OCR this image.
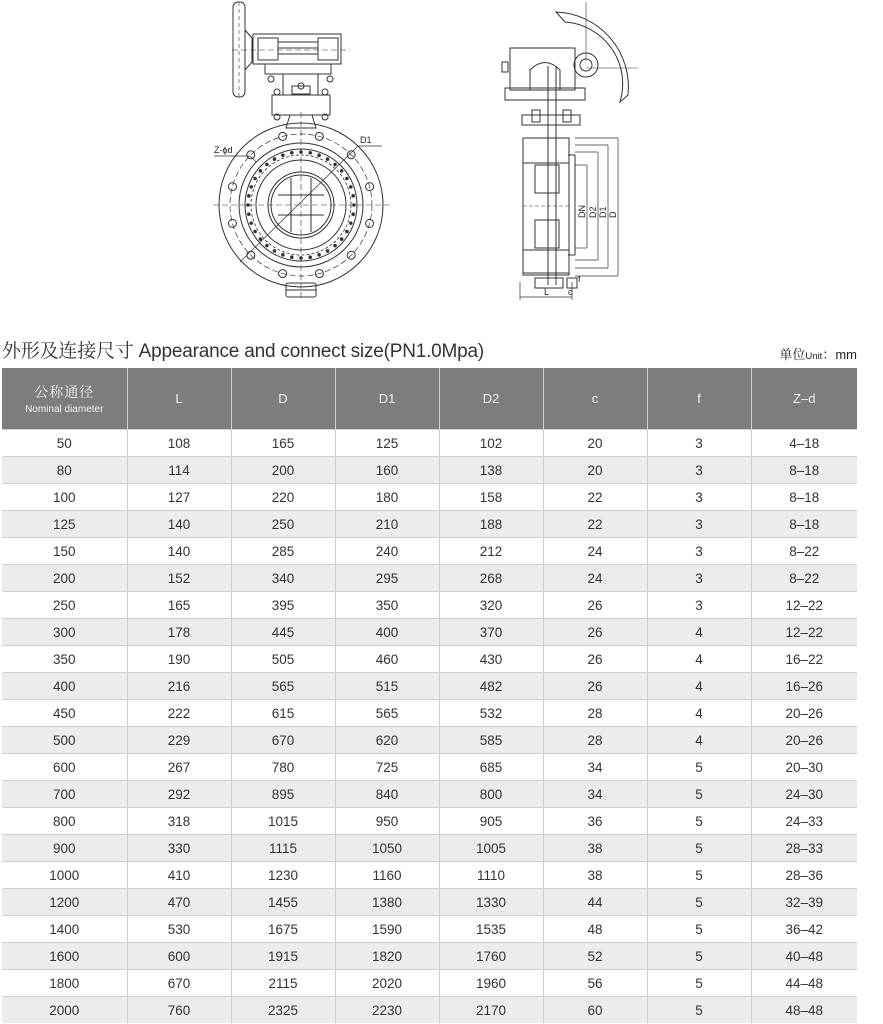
Z-ϕd
D1
DN D2 D1 D
L
f
c
外形及连接尺寸 Appearance and connect size(PN1.0Mpa)	单位Unit：mm
公称通径
Nominal diameter	L	D	D1	D2	c	f	Z–d
50	108	165	125	102	20	3	4–18
80	114	200	160	138	20	3	8–18
100	127	220	180	158	22	3	8–18
125	140	250	210	188	22	3	8–18
150	140	285	240	212	24	3	8–22
200	152	340	295	268	24	3	8–22
250	165	395	350	320	26	3	12–22
300	178	445	400	370	26	4	12–22
350	190	505	460	430	26	4	16–22
400	216	565	515	482	26	4	16–26
450	222	615	565	532	28	4	20–26
500	229	670	620	585	28	4	20–26
600	267	780	725	685	34	5	20–30
700	292	895	840	800	34	5	24–30
800	318	1015	950	905	36	5	24–33
900	330	1115	1050	1005	38	5	28–33
1000	410	1230	1160	1110	38	5	28–36
1200	470	1455	1380	1330	44	5	32–39
1400	530	1675	1590	1535	48	5	36–42
1600	600	1915	1820	1760	52	5	40–48
1800	670	2115	2020	1960	56	5	44–48
2000	760	2325	2230	2170	60	5	48–48
